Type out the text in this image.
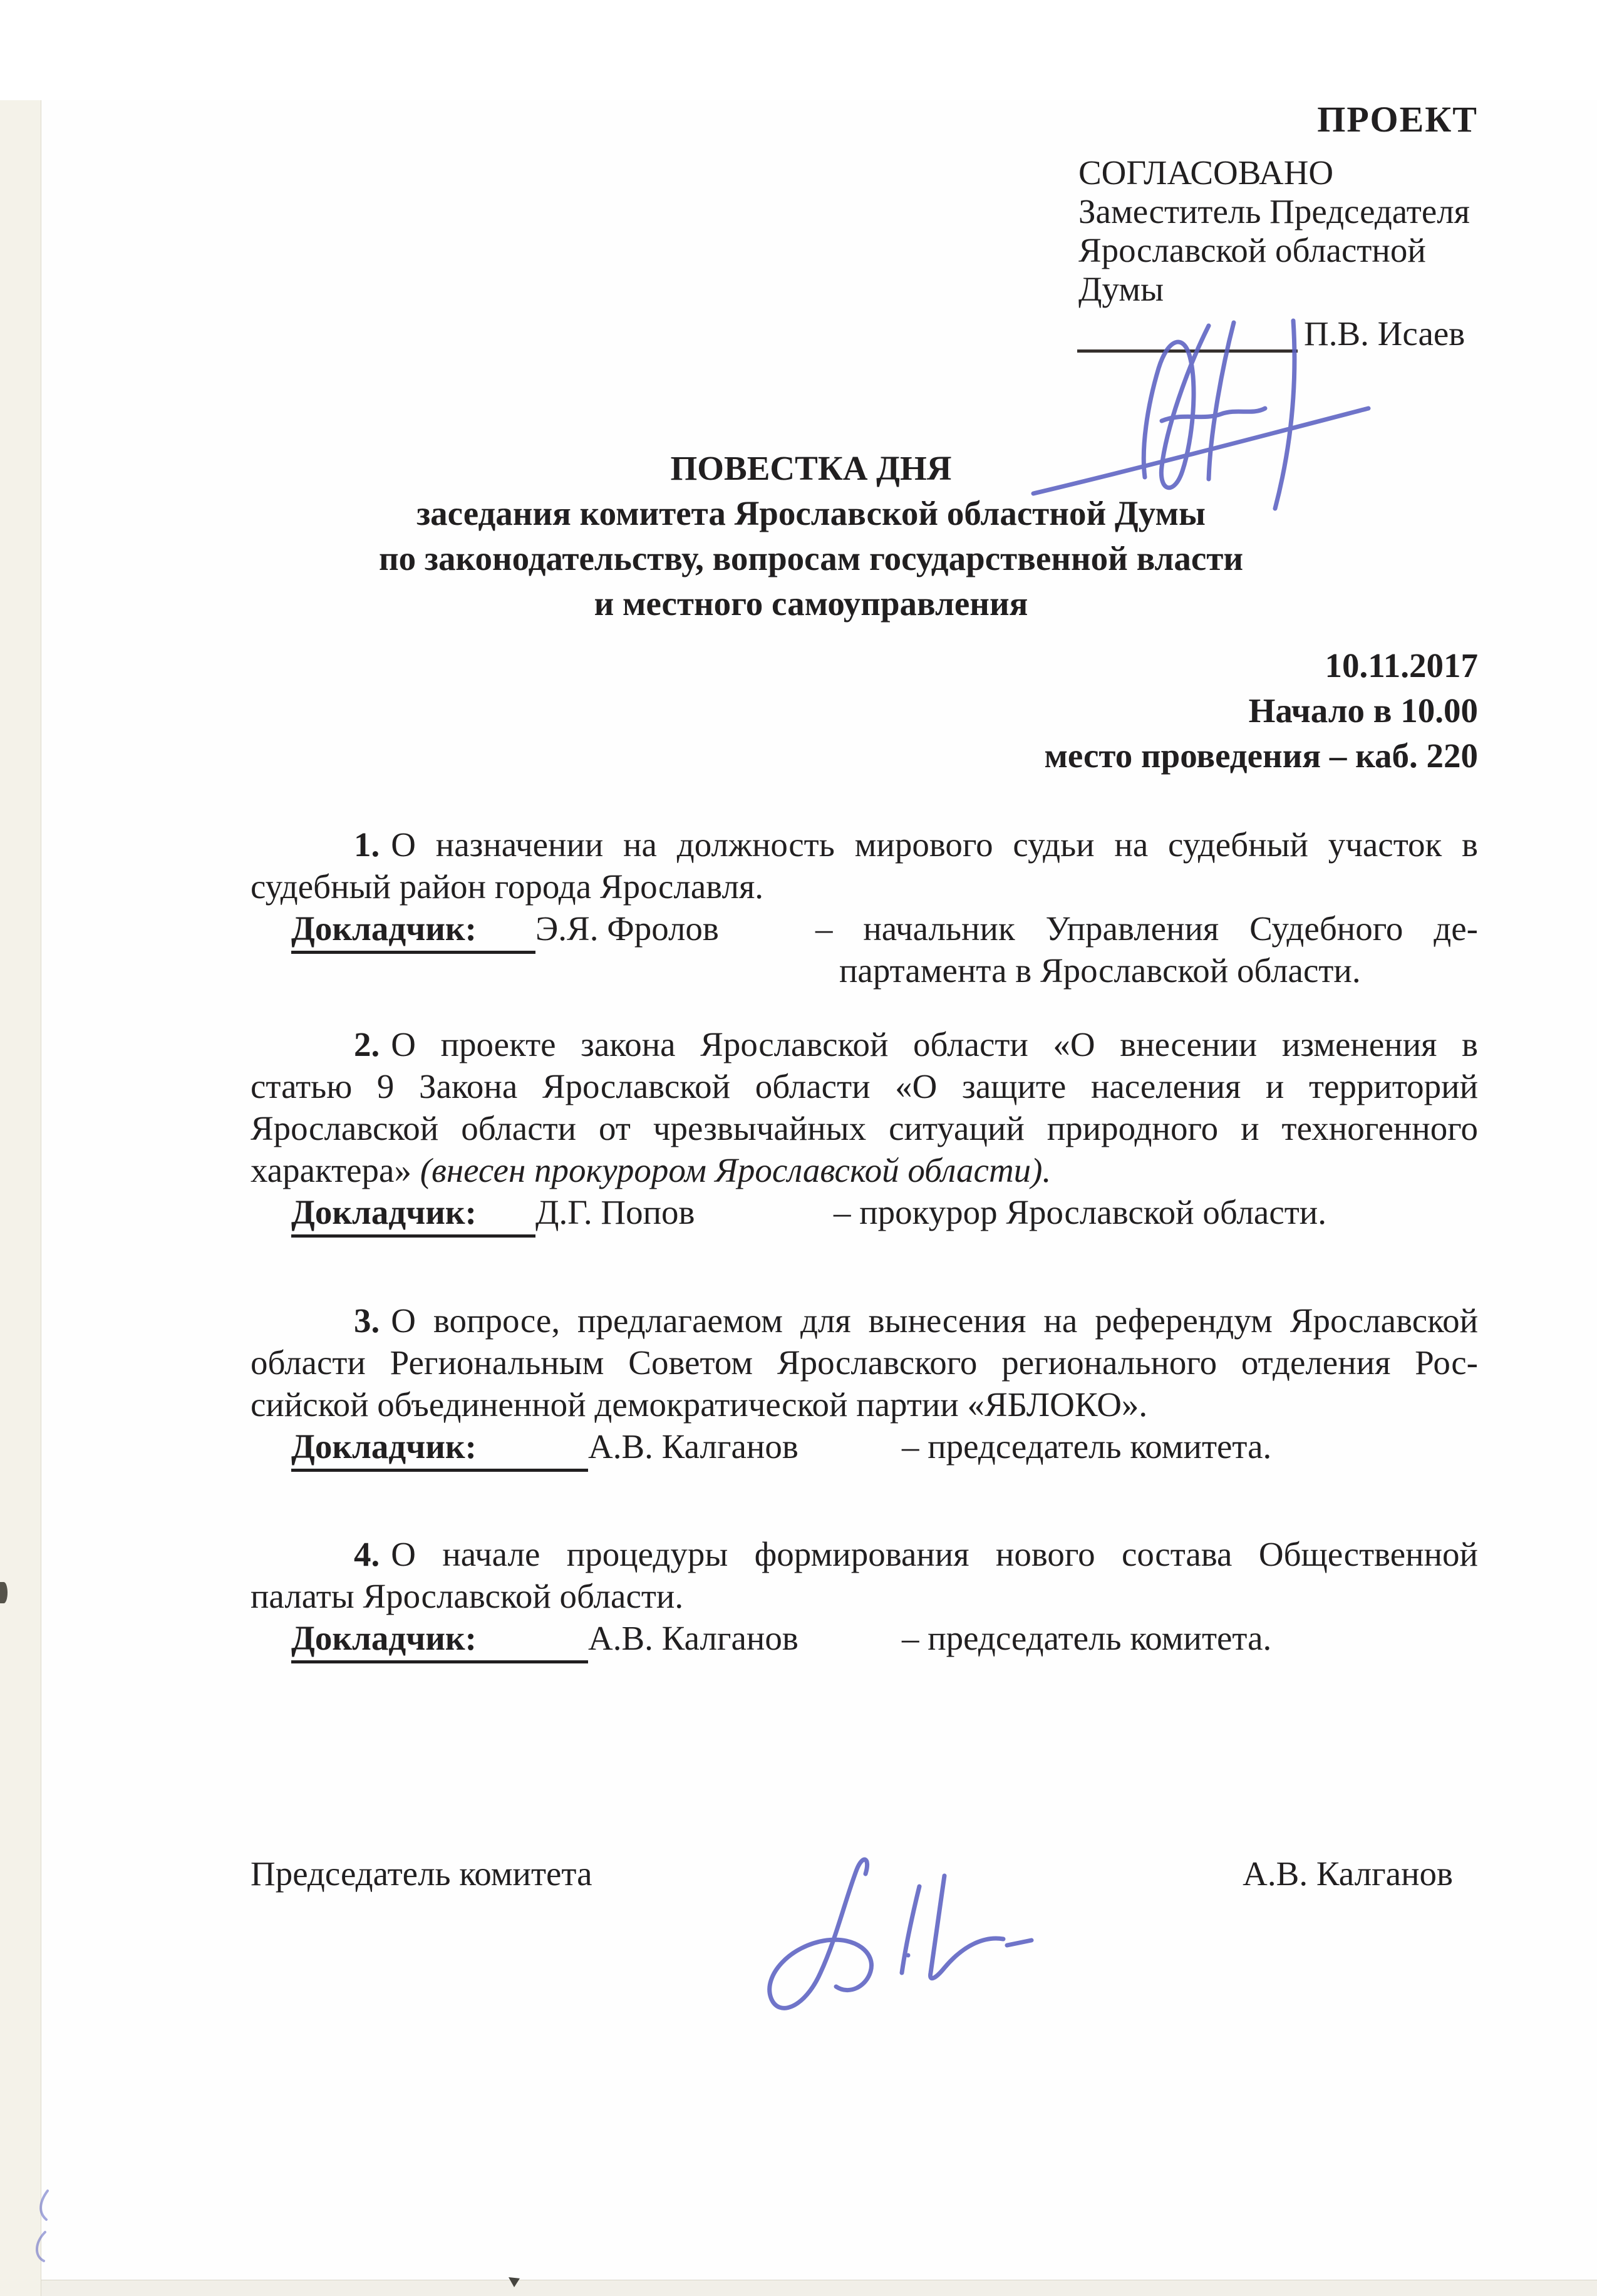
ПРОЕКТ
СОГЛАСОВАНО
Заместитель Председателя
Ярославской областной Думы
П.В. Исаев
ПОВЕСТКА ДНЯ
заседания комитета Ярославской областной Думы
по законодательству, вопросам государственной власти
и местного самоуправления
10.11.2017
Начало в 10.00
место проведения – каб. 220
1. О назначении на должность мирового судьи на судебный участок в
судебный район города Ярославля.
Докладчик:	Э.Я. Фролов	– начальник Управления Судебного де-
партамента в Ярославской области.
2. О проекте закона Ярославской области «О внесении изменения в
статью 9 Закона Ярославской области «О защите населения и территорий
Ярославской области от чрезвычайных ситуаций природного и техногенного
характера» (внесен прокурором Ярославской области).
Докладчик:	Д.Г. Попов	– прокурор Ярославской области.
3. О вопросе, предлагаемом для вынесения на референдум Ярославской
области Региональным Советом Ярославского регионального отделения Рос-
сийской объединенной демократической партии «ЯБЛОКО».
Докладчик:	А.В. Калганов	– председатель комитета.
4. О начале процедуры формирования нового состава Общественной
палаты Ярославской области.
Докладчик:	А.В. Калганов	– председатель комитета.
Председатель комитета	А.В. Калганов
